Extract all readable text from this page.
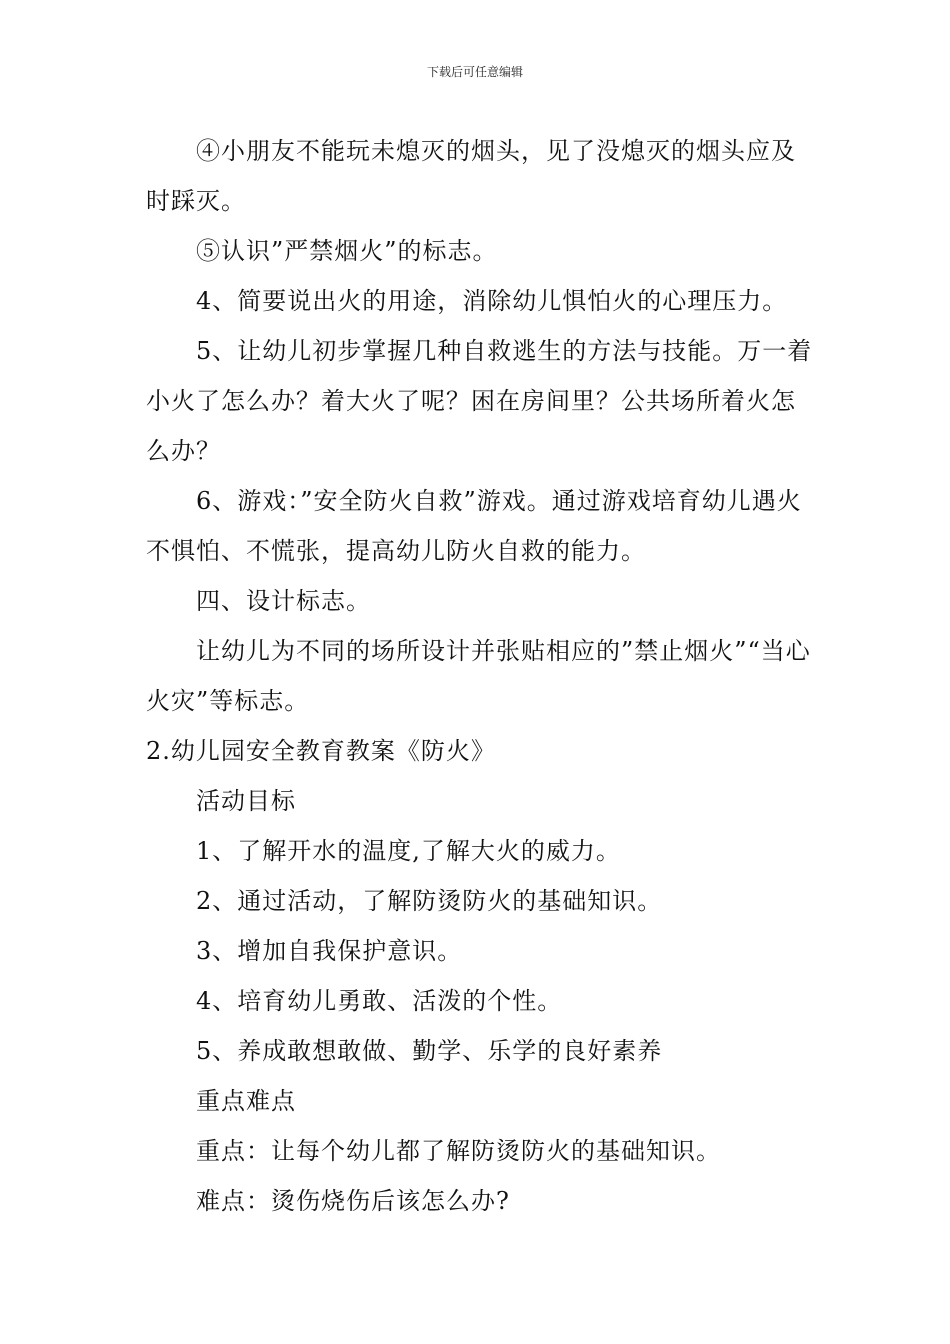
下载后可任意编辑

④小朋友不能玩未熄灭的烟头，见了没熄灭的烟头应及时踩灭。

⑤认识”严禁烟火”的标志。

4、简要说出火的用途，消除幼儿惧怕火的心理压力。

5、让幼儿初步掌握几种自救逃生的方法与技能。万一着小火了怎么办？着大火了呢？困在房间里？公共场所着火怎么办？

6、游戏：”安全防火自救”游戏。通过游戏培育幼儿遇火不惧怕、不慌张，提高幼儿防火自救的能力。

四、设计标志。

让幼儿为不同的场所设计并张贴相应的”禁止烟火”“当心火灾”等标志。

2.幼儿园安全教育教案《防火》

活动目标

1、了解开水的温度,了解大火的威力。

2、通过活动，了解防烫防火的基础知识。

3、增加自我保护意识。

4、培育幼儿勇敢、活泼的个性。

5、养成敢想敢做、勤学、乐学的良好素养

重点难点

重点：让每个幼儿都了解防烫防火的基础知识。

难点：烫伤烧伤后该怎么办?
